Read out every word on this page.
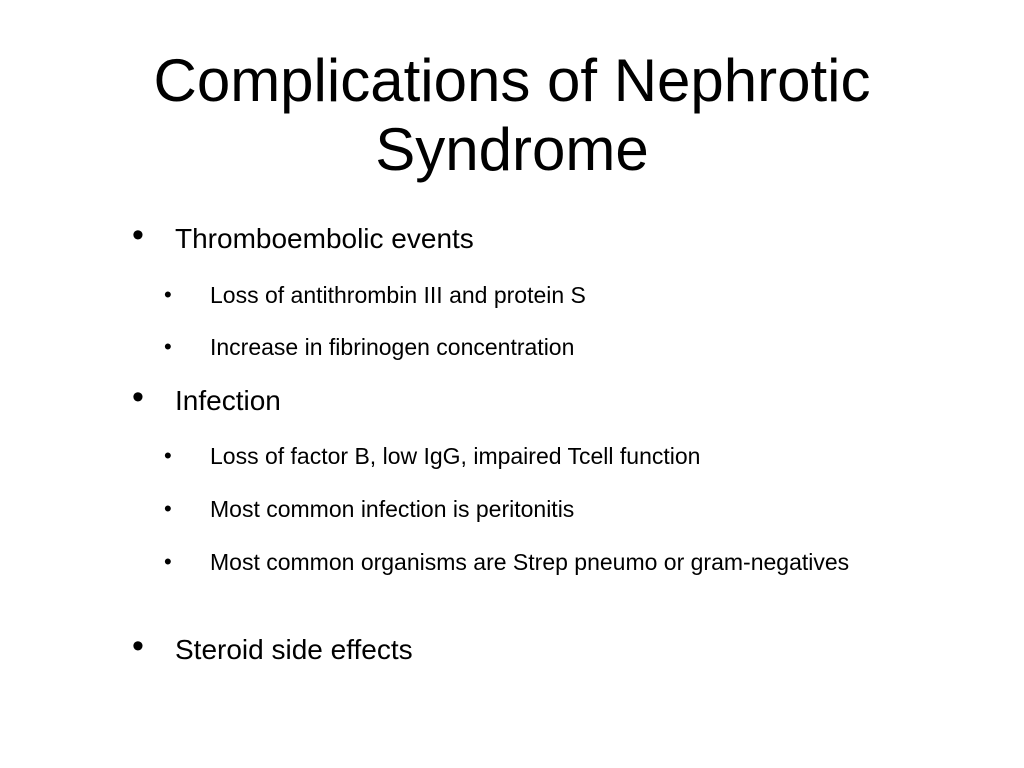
Complications of Nephrotic
Syndrome
• Thromboembolic events
• Loss of antithrombin III and protein S
• Increase in fibrinogen concentration
• Infection
• Loss of factor B, low IgG, impaired Tcell function
• Most common infection is peritonitis
• Most common organisms are Strep pneumo or gram-negatives
• Steroid side effects
